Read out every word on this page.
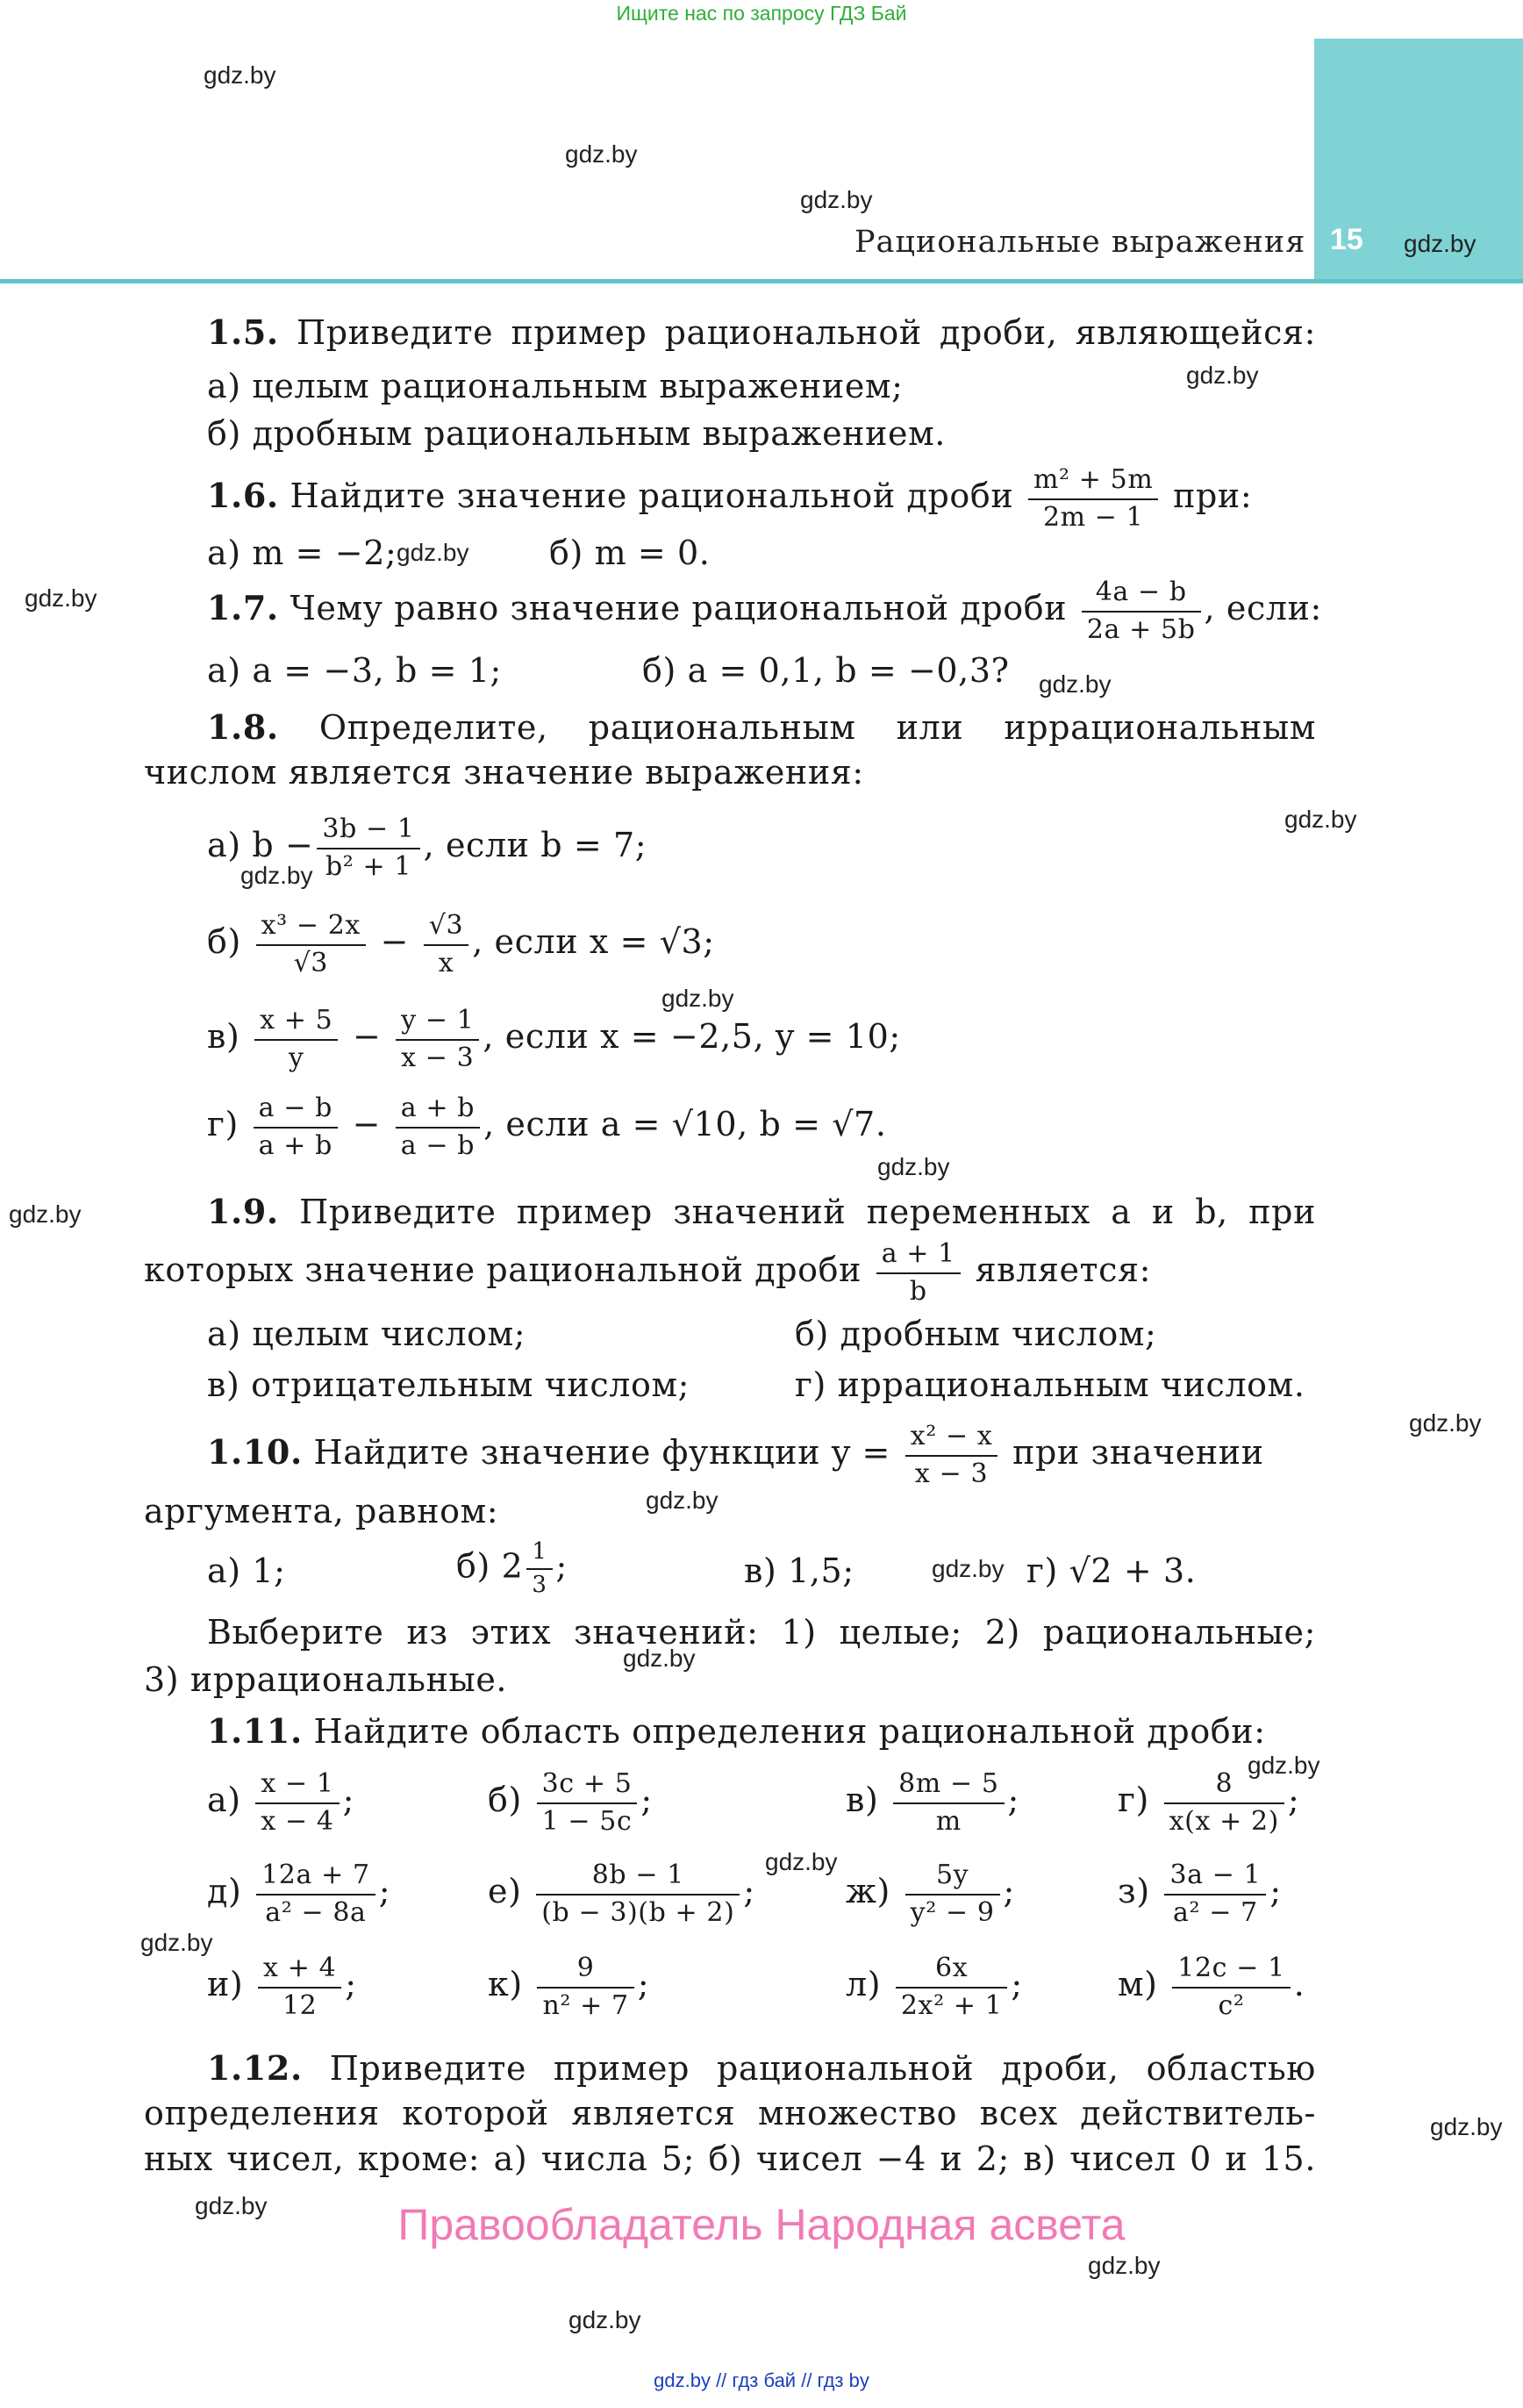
Ищите нас по запросу ГДЗ Бай
15
Рациональные выражения
1.5. Приведите пример рациональной дроби, являющейся:
а) целым рациональным выражением;
б) дробным рациональным выражением.
1.6. Найдите значение рациональной дроби $\frac{\text{m² + 5m}}{2m - 1}$ при:
а) m = −2;	б) m = 0.
1.7. Чему равно значение рациональной дроби $\frac{4a - b}{2a + 5b}$ , если:
а) a = −3, b = 1;	б) a = 0,1, b = −0,3?
1.8. Определите, рациональным или иррациональным
числом является значение выражения:
а) $b - \frac{3b - 1}{\text{b² + 1}}$ , если b = 7;
$б) \frac{\text{x³ − 2x}}{√3} - \frac{√3}{x}$ , если x = √3;
$в) \frac{x + 5}{y} - \frac{y - 1}{x - 3}$ , если x = −2,5, y = 10;
$г) \frac{a - b}{a + b} - \frac{a + b}{a - b}$ , если a = √10, b = √7.
1.9. Приведите пример значений переменных a и b, при
которых значение рациональной дроби $\frac{a + 1}{b}$ является:
а) целым числом;	б) дробным числом;
в) отрицательным числом;	г) иррациональным числом.
1.10. Найдите значение функции $y = \frac{\text{x² − x}}{x - 3}$ при значении
аргумента, равном:
а) 1;	б) $2 \frac{1}{3}$ ;	в) 1,5;	г) √2 + 3.
Выберите из этих значений: 1) целые; 2) рациональные;
3) иррациональные.
1.11. Найдите область определения рациональной дроби:
$а) \frac{x - 1}{x - 4}$ ;	$б) \frac{3c + 5}{1 - 5c}$ ;	$в) \frac{8m - 5}{m}$ ;	$г) \frac{8}{x(x + 2)}$ ;
$д) \frac{12a + 7}{\text{a² − 8a}}$ ;	$е) \frac{8b - 1}{(b - 3)(b + 2)}$ ;	$ж) \frac{5y}{\text{y² − 9}}$ ;	$з) \frac{3a - 1}{\text{a² − 7}}$ ;
$и) \frac{x + 4}{12}$ ;	$к) \frac{9}{\text{n² + 7}}$ ;	$л) \frac{6x}{\text{2x² + 1}}$ ;	$м) \frac{12c - 1}{\text{c²}}$ .
1.12. Приведите пример рациональной дроби, областью
определения которой является множество всех действитель-
ных чисел, кроме: а) числа 5; б) чисел −4 и 2; в) чисел 0 и 15.
Правообладатель Народная асвета
gdz.by // гдз бай // гдз by
gdz.by
gdz.by
gdz.by
gdz.by
gdz.by
gdz.by
gdz.by
gdz.by
gdz.by
gdz.by
gdz.by
gdz.by
gdz.by
gdz.by
gdz.by
gdz.by
gdz.by
gdz.by
gdz.by
gdz.by
gdz.by
gdz.by
gdz.by
gdz.by
